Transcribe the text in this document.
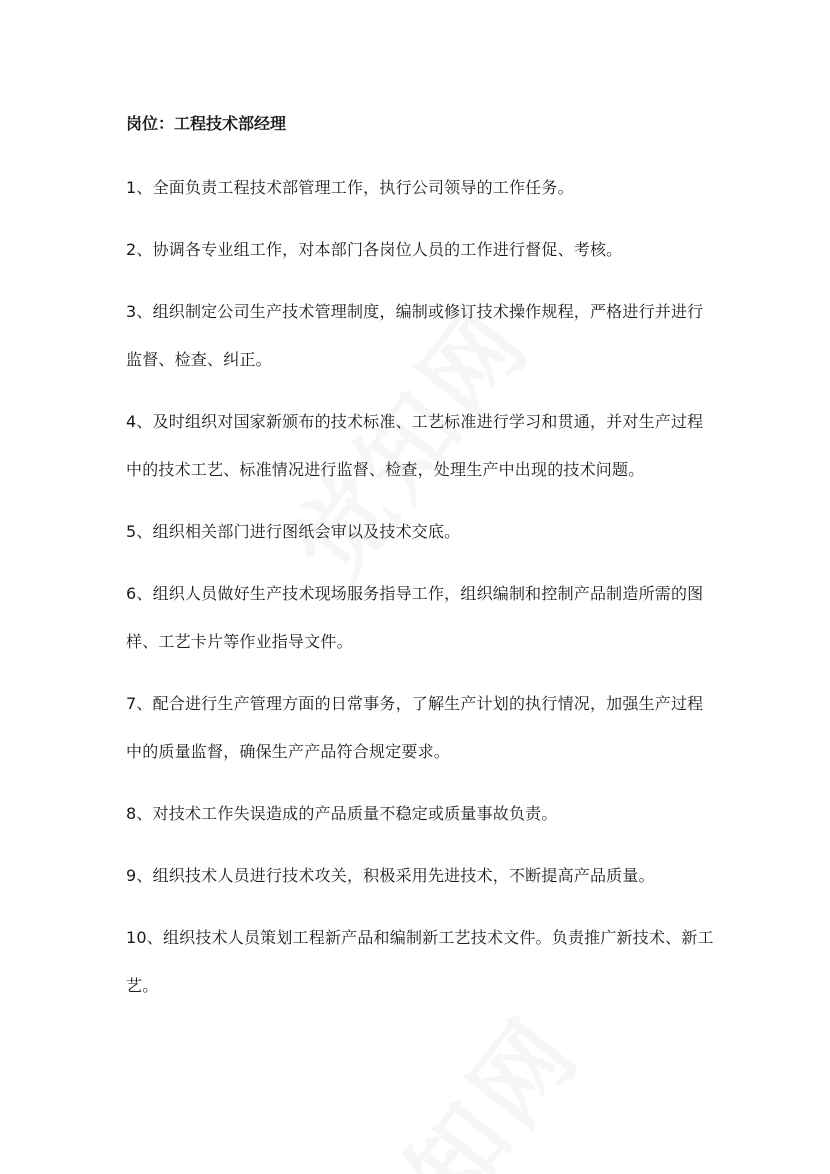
岗位：工程技术部经理

1、全面负责工程技术部管理工作，执行公司领导的工作任务。

2、协调各专业组工作，对本部门各岗位人员的工作进行督促、考核。

3、组织制定公司生产技术管理制度，编制或修订技术操作规程，严格进行并进行监督、检查、纠正。

4、及时组织对国家新颁布的技术标准、工艺标准进行学习和贯通，并对生产过程中的技术工艺、标准情况进行监督、检查，处理生产中出现的技术问题。

5、组织相关部门进行图纸会审以及技术交底。

6、组织人员做好生产技术现场服务指导工作，组织编制和控制产品制造所需的图样、工艺卡片等作业指导文件。

7、配合进行生产管理方面的日常事务，了解生产计划的执行情况，加强生产过程中的质量监督，确保生产产品符合规定要求。

8、对技术工作失误造成的产品质量不稳定或质量事故负责。

9、组织技术人员进行技术攻关，积极采用先进技术，不断提高产品质量。

10、组织技术人员策划工程新产品和编制新工艺技术文件。负责推广新技术、新工艺。
